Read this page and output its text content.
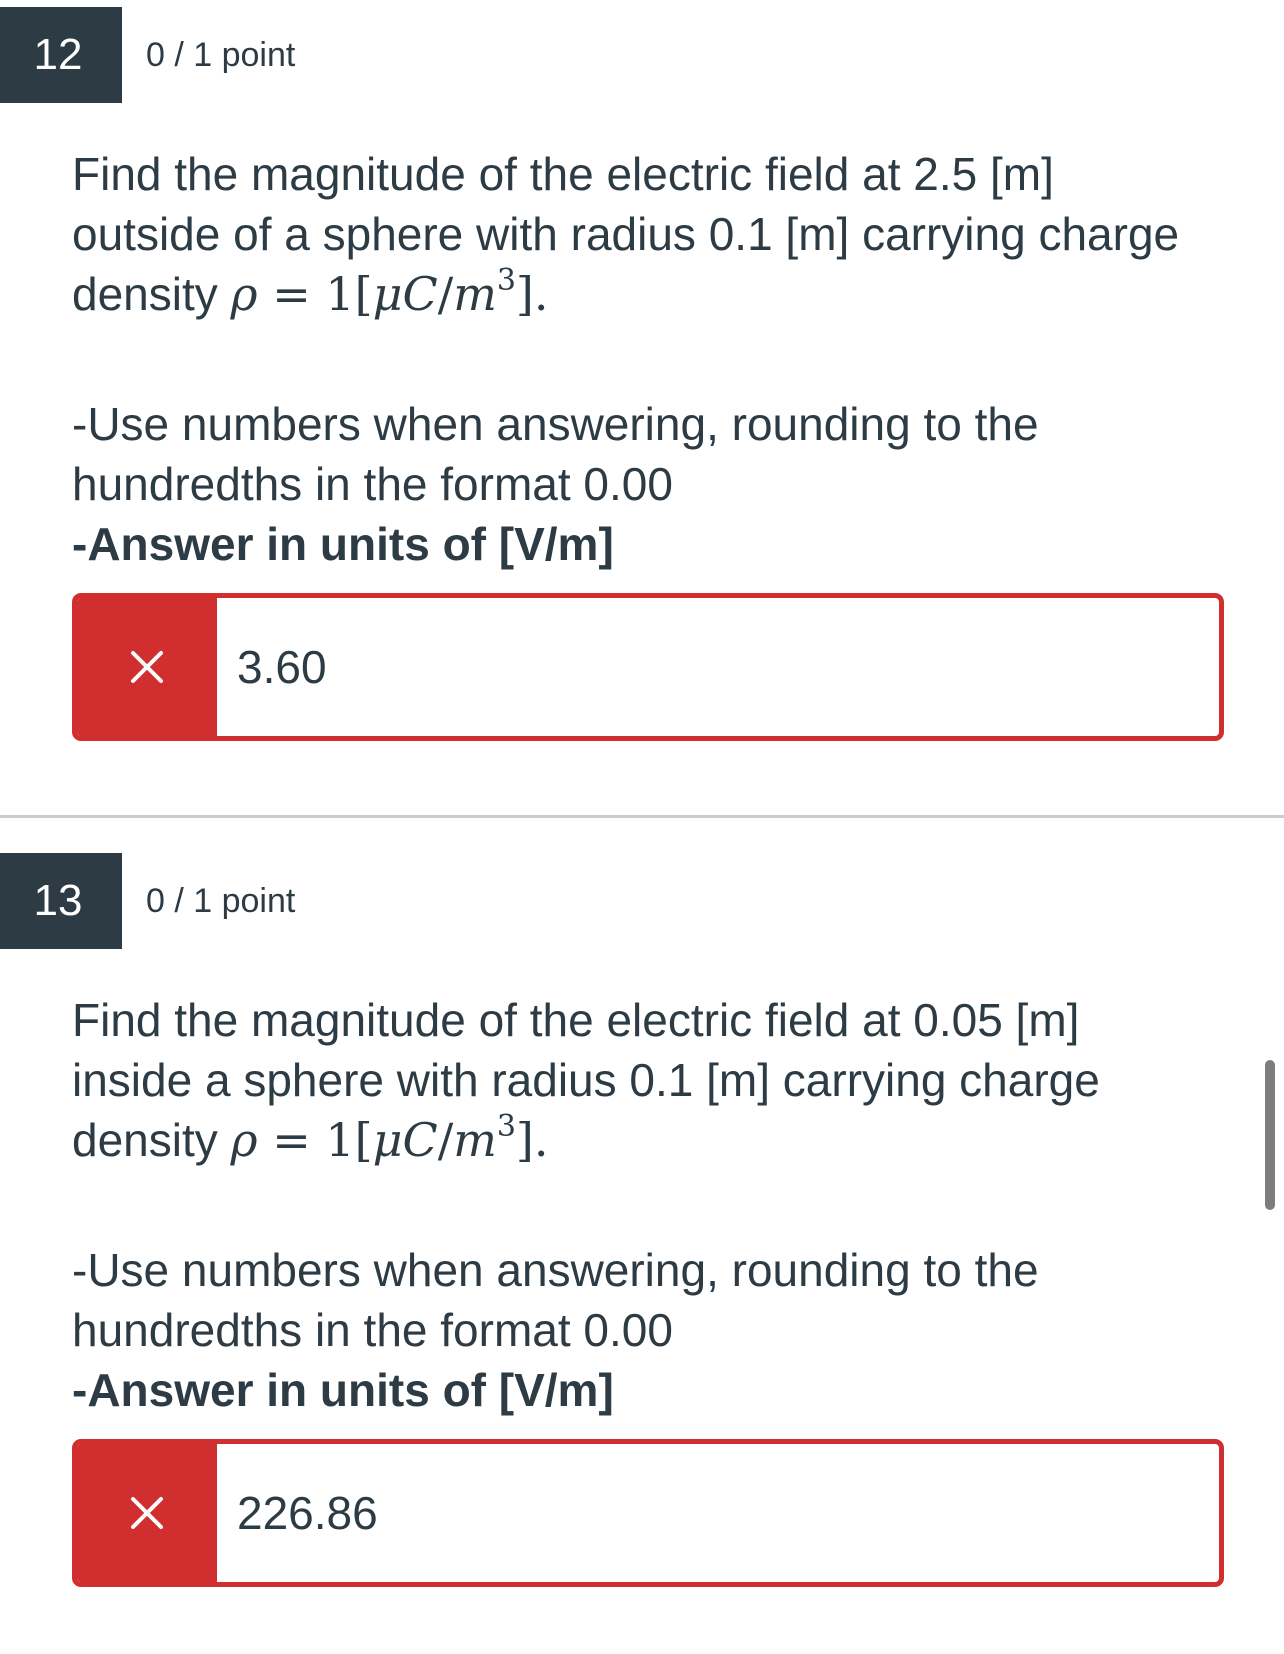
12	0 / 1 point

Find the magnitude of the electric field at 2.5 [m]

outside of a sphere with radius 0.1 [m] carrying charge

density $\rho = 1[\mu C/m^3]$.

-Use numbers when answering, rounding to the

hundredths in the format 0.00

-Answer in units of [V/m]

3.60
13	0 / 1 point

Find the magnitude of the electric field at 0.05 [m]

inside a sphere with radius 0.1 [m] carrying charge

density $\rho = 1[\mu C/m^3]$.

-Use numbers when answering, rounding to the

hundredths in the format 0.00

-Answer in units of [V/m]

226.86
